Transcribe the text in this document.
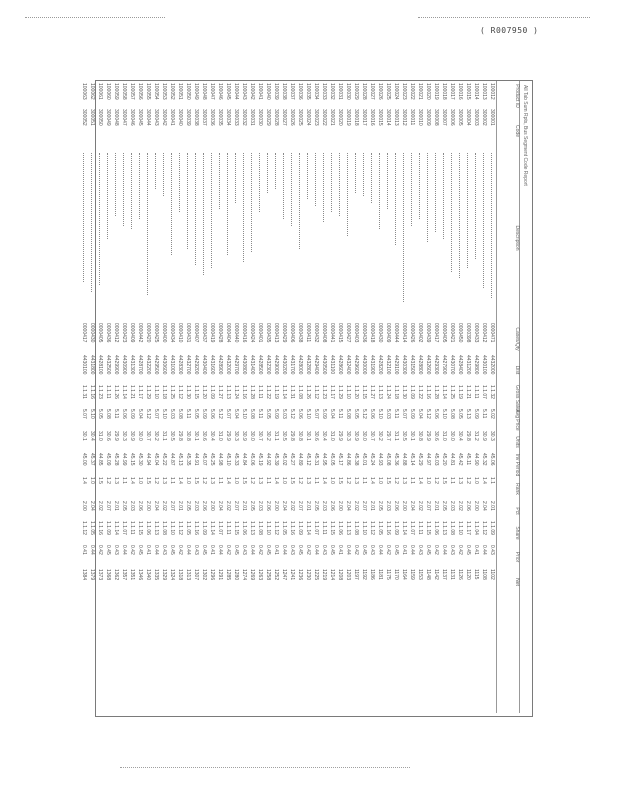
( R007950 )
All Tab Sum Rpts, Bus Segment Code Report
Product IDCodeDescriptionCases/QtyDistGross SalesAvg PriceUnitsInv PeriodRankPctSharePriorNet
100012300001000047144320001.1.325.0230.345.061.12.011.1.090.431102
100013300002000041244301001.1.075.1130.945.321.42.041.1.120.441108
100014300003000043344298001.1.115.0931.244.901.02.001.1.040.411115
100015300004000039844312001.1.215.1329.845.111.22.061.1.170.451120
100016300005000045044284001.1.195.0530.445.421.32.021.1.100.421126
100017300006000042144307001.1.255.0830.044.811.12.031.1.080.431131
100018300007000040544279001.1.145.1031.045.201.52.051.1.130.441137
100019300008000041744293001.1.285.0630.645.031.22.011.1.060.421142
100020300009000043944326001.1.165.1229.944.971.02.071.1.150.451148
100021300010000040244288001.1.225.0430.845.291.42.021.1.110.431153
100022300011000042644315001.1.095.0930.145.141.12.041.1.070.441159
100023300012000041444303001.1.305.0730.544.881.32.001.1.140.411164
100024300013000044444291001.1.185.1131.145.361.22.061.1.090.451170
100025300014000040944321001.1.245.0329.745.081.52.031.1.160.421175
100026300015000043044282001.1.135.1030.244.931.02.051.1.050.441181
100027300016000041844319001.1.275.0630.745.241.42.011.1.120.431186
100028300017000043644300001.1.155.1230.045.011.12.071.1.100.451192
100029300018000040344296001.1.205.0530.945.381.32.021.1.080.421197
100030300019000042744324001.1.105.0830.344.861.22.041.1.130.441203
100031300020000041544286001.1.295.1129.945.171.52.001.1.060.411208
100032300021000044144311001.1.175.0431.045.051.02.061.1.150.451214
100033300022000040844305001.1.235.0930.444.951.42.031.1.110.431219
100034300023000043244294001.1.125.0730.645.311.12.051.1.070.441225
100035300024000041144328001.1.265.1030.145.121.32.011.1.140.421230
100036300025000043844280001.1.085.0630.844.891.22.071.1.090.451236
100037300026000040644317001.1.315.1229.845.271.52.021.1.160.431241
100038300027000042944302001.1.145.0330.545.021.02.041.1.050.441247
100039300028000041344290001.1.195.0931.145.391.42.001.1.120.411252
100040300029000043544323001.1.225.0530.244.921.12.061.1.100.451258
100041300030000040144285001.1.115.1130.745.191.32.031.1.080.421263
100042300031000042444314001.1.285.0830.045.061.22.051.1.130.441269
100043300032000041644308001.1.165.1030.944.841.52.011.1.060.431274
100044300033000044044297001.1.245.0430.345.331.02.071.1.150.451280
100045300034000040444320001.1.135.0729.945.101.42.021.1.110.421285
100046300035000042844289001.1.275.1231.044.981.12.041.1.070.441291
100047300036000041944316001.1.095.0630.445.251.32.001.1.140.411296
100048300037000043744304001.1.205.0930.645.071.22.061.1.090.451302
100049300038000040744292001.1.155.0530.144.911.52.031.1.160.431307
100050300039000043144327001.1.305.1130.845.351.02.051.1.050.441313
100051300040000041044283001.1.125.0829.845.131.42.011.1.120.421318
100052300041000043444310001.1.255.0330.544.871.12.071.1.100.451324
100053300042000040044306001.1.185.1031.145.221.32.021.1.080.431329
100054300043000042544295001.1.105.0730.245.041.22.041.1.130.441335
100055300044000042044322001.1.295.1230.744.941.52.001.1.060.411340
100056300045000044244287001.1.175.0430.045.301.02.061.1.150.451346
100057300046000040944313001.1.215.0930.945.151.42.031.1.110.421351
100058300047000042344309001.1.145.0630.344.991.12.051.1.070.441357
100059300048000041244299001.1.265.1129.945.281.32.011.1.140.431362
100060300049000043644325001.1.115.0830.645.091.22.071.1.090.451368
100061300050000040544281001.1.235.0531.044.851.52.021.1.160.421373
100062300051000043044318001.1.165.1030.445.371.02.041.1.050.441379
100063300052000041744301001.1.315.0730.145.001.42.001.1.120.411384
